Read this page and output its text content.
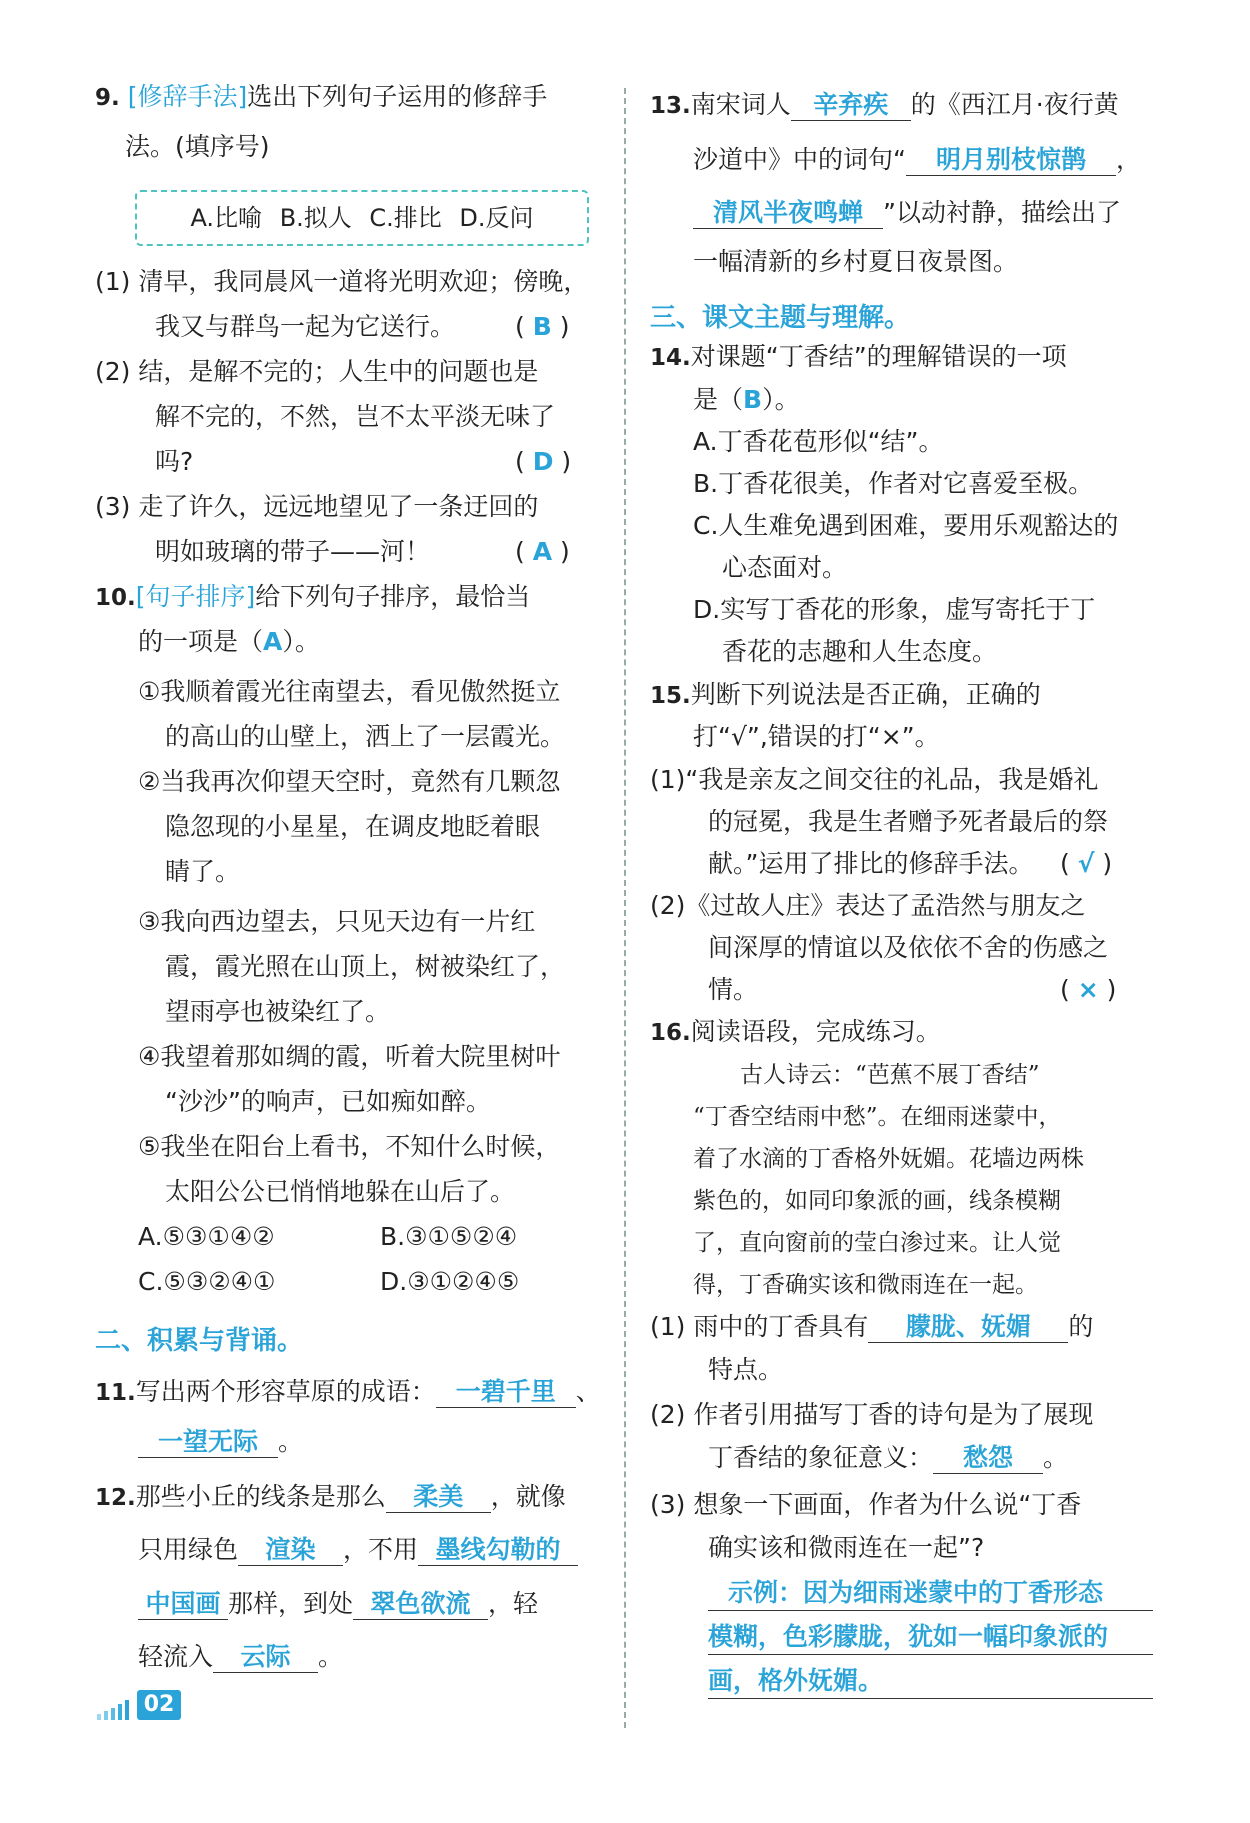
9. [修辞手法]选出下列句子运用的修辞手
法。(填序号)
A.比喻 B.拟人 C.排比 D.反问
(1) 清早，我同晨风一道将光明欢迎；傍晚，
我又与群鸟一起为它送行。 ( B )
(2) 结，是解不完的；人生中的问题也是
解不完的，不然，岂不太平淡无味了
吗?	( D )
(3) 走了许久，远远地望见了一条迂回的
明如玻璃的带子——河！	( A )
10.[句子排序]给下列句子排序，最恰当
的一项是（A）。
①我顺着霞光往南望去，看见傲然挺立
的高山的山壁上，洒上了一层霞光。
②当我再次仰望天空时，竟然有几颗忽
隐忽现的小星星，在调皮地眨着眼
睛了。
③我向西边望去，只见天边有一片红
霞，霞光照在山顶上，树被染红了，
望雨亭也被染红了。
④我望着那如绸的霞，听着大院里树叶
“沙沙”的响声，已如痴如醉。
⑤我坐在阳台上看书，不知什么时候，
太阳公公已悄悄地躲在山后了。
A.⑤③①④②	B.③①⑤②④
C.⑤③②④①	D.③①②④⑤
二、积累与背诵。
11.写出两个形容草原的成语： 一碧千里 、
一望无际 。
12.那些小丘的线条是那么 柔美 ，就像
只用绿色 渲染 ，不用 墨线勾勒的
中国画 那样，到处 翠色欲流 ，轻
轻流入 云际 。
02
13.南宋词人 辛弃疾 的《西江月·夜行黄
沙道中》中的词句“ 明月别枝惊鹊 ，
清风半夜鸣蝉 ”以动衬静，描绘出了
一幅清新的乡村夏日夜景图。
三、课文主题与理解。
14.对课题“丁香结”的理解错误的一项
是（B）。
A.丁香花苞形似“结”。
B.丁香花很美，作者对它喜爱至极。
C.人生难免遇到困难，要用乐观豁达的
心态面对。
D.实写丁香花的形象，虚写寄托于丁
香花的志趣和人生态度。
15.判断下列说法是否正确，正确的
打“√”,错误的打“×”。
(1)“我是亲友之间交往的礼品，我是婚礼
的冠冕，我是生者赠予死者最后的祭
献。”运用了排比的修辞手法。 ( √ )
(2)《过故人庄》表达了孟浩然与朋友之
间深厚的情谊以及依依不舍的伤感之
情。	( × )
16.阅读语段，完成练习。
古人诗云：“芭蕉不展丁香结”
“丁香空结雨中愁”。在细雨迷蒙中，
着了水滴的丁香格外妩媚。花墙边两株
紫色的，如同印象派的画，线条模糊
了，直向窗前的莹白渗过来。让人觉
得，丁香确实该和微雨连在一起。
(1) 雨中的丁香具有 朦胧、妩媚 的
特点。
(2) 作者引用描写丁香的诗句是为了展现
丁香结的象征意义： 愁怨 。
(3) 想象一下画面，作者为什么说“丁香
确实该和微雨连在一起”?
示例：因为细雨迷蒙中的丁香形态
模糊，色彩朦胧，犹如一幅印象派的
画，格外妩媚。
